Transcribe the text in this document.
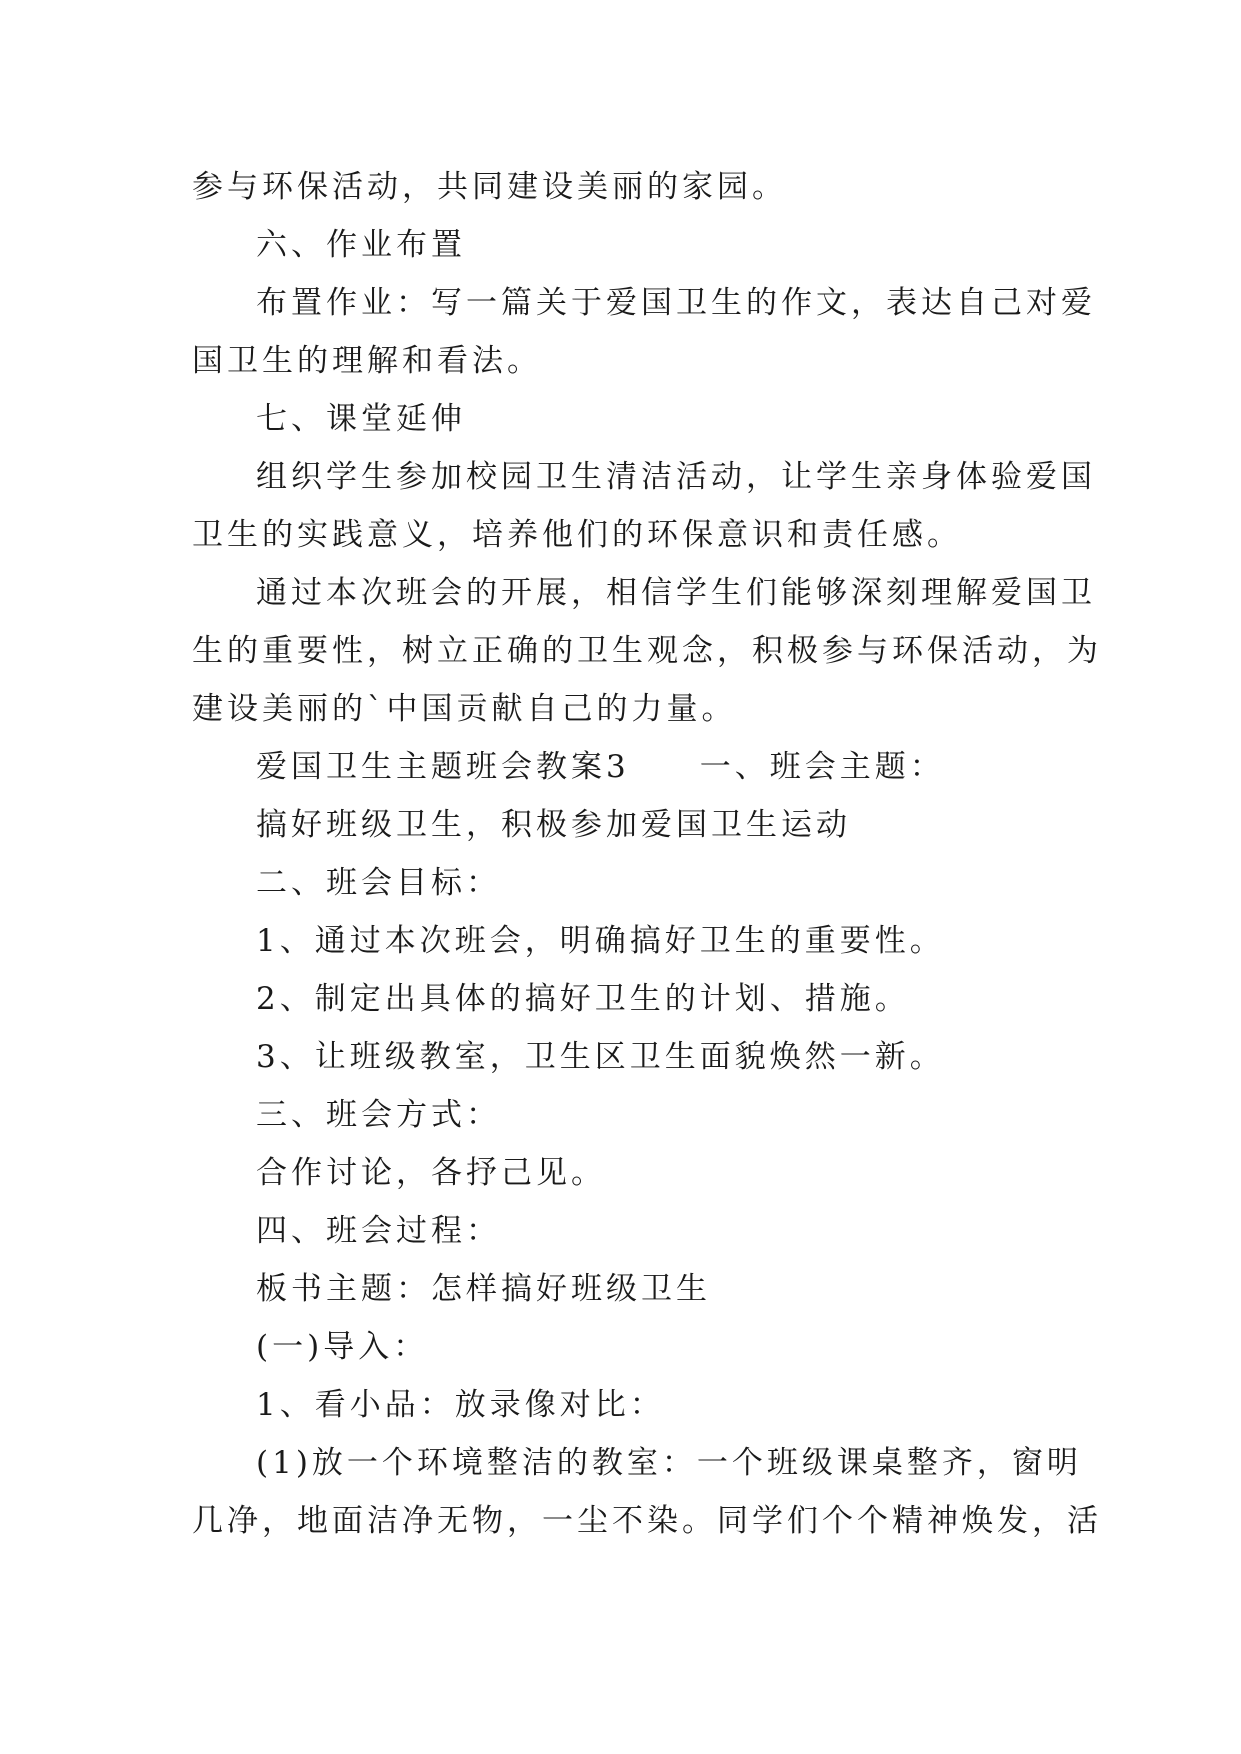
参与环保活动，共同建设美丽的家园。
六、作业布置
布置作业：写一篇关于爱国卫生的作文，表达自己对爱
国卫生的理解和看法。
七、课堂延伸
组织学生参加校园卫生清洁活动，让学生亲身体验爱国
卫生的实践意义，培养他们的环保意识和责任感。
通过本次班会的开展，相信学生们能够深刻理解爱国卫
生的重要性，树立正确的卫生观念，积极参与环保活动，为
建设美丽的`中国贡献自己的力量。
爱国卫生主题班会教案3　　一、班会主题：
搞好班级卫生，积极参加爱国卫生运动
二、班会目标：
1、通过本次班会，明确搞好卫生的重要性。
2、制定出具体的搞好卫生的计划、措施。
3、让班级教室，卫生区卫生面貌焕然一新。
三、班会方式：
合作讨论，各抒己见。
四、班会过程：
板书主题：怎样搞好班级卫生
(一)导入：
1、看小品：放录像对比：
(1)放一个环境整洁的教室：一个班级课桌整齐，窗明
几净，地面洁净无物，一尘不染。同学们个个精神焕发，活
